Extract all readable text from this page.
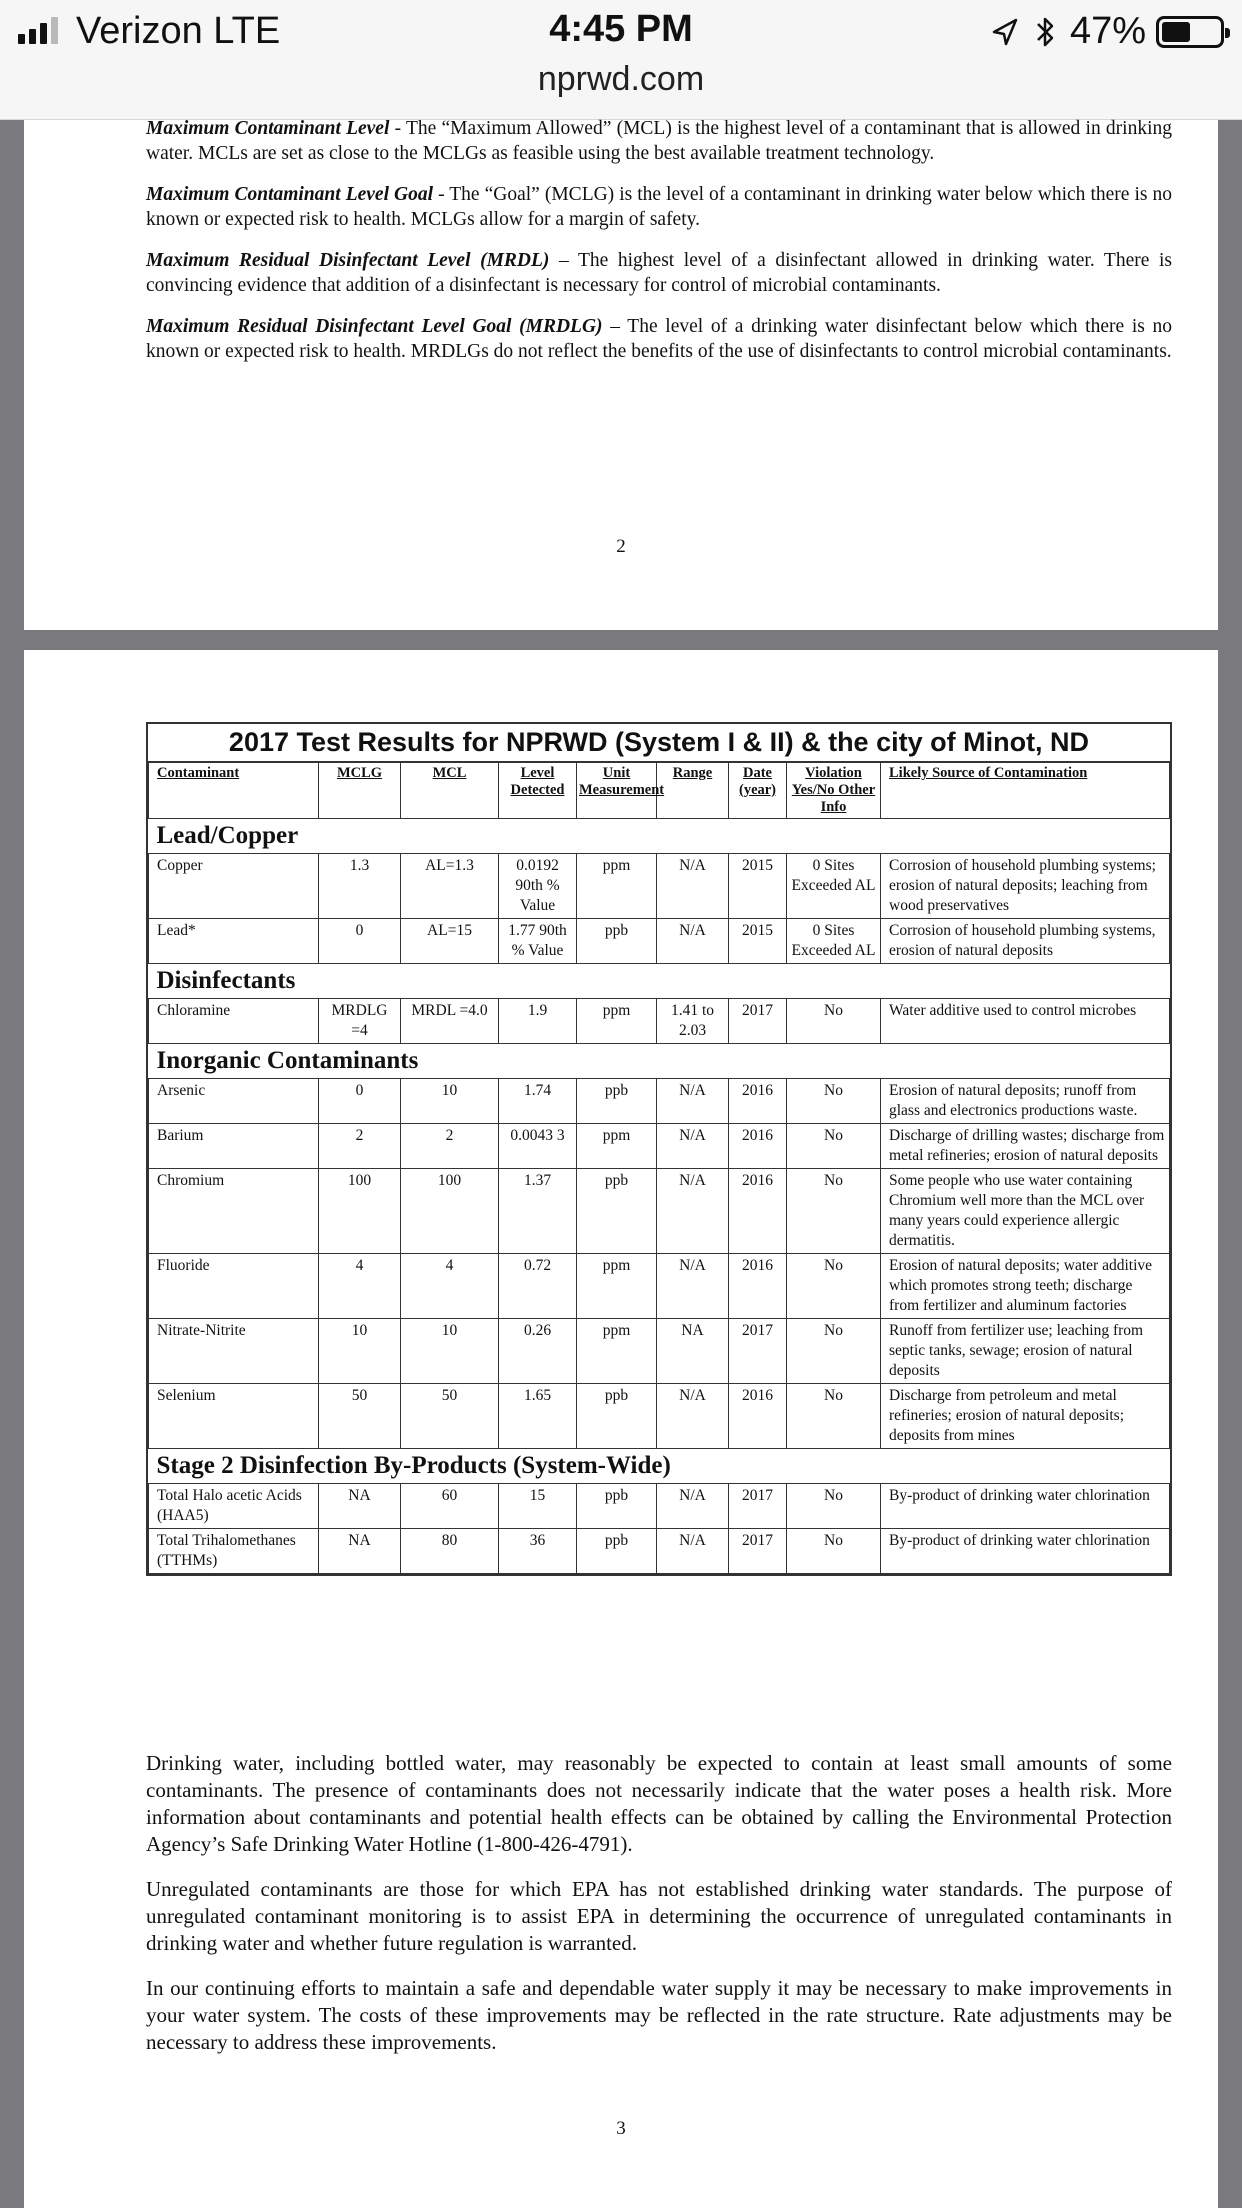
Verizon LTE	4:45 PM
nprwd.com
47%

Maximum Contaminant Level - The “Maximum Allowed” (MCL) is the highest level of a contaminant that is allowed in drinking water. MCLs are set as close to the MCLGs as feasible using the best available treatment technology.

Maximum Contaminant Level Goal - The “Goal” (MCLG) is the level of a contaminant in drinking water below which there is no known or expected risk to health. MCLGs allow for a margin of safety.

Maximum Residual Disinfectant Level (MRDL) – The highest level of a disinfectant allowed in drinking water. There is convincing evidence that addition of a disinfectant is necessary for control of microbial contaminants.

Maximum Residual Disinfectant Level Goal (MRDLG) – The level of a drinking water disinfectant below which there is no known or expected risk to health. MRDLGs do not reflect the benefits of the use of disinfectants to control microbial contaminants.

2
2017 Test Results for NPRWD (System I & II) & the city of Minot, ND
Contaminant	MCLG	MCL	Level Detected	Unit Measurement	Range	Date (year)	Violation Yes/No Other Info	Likely Source of Contamination
Lead/Copper								
Copper	1.3	AL=1.3	0.0192 90th % Value	ppm	N/A	2015	0 Sites Exceeded AL	Corrosion of household plumbing systems; erosion of natural deposits; leaching from wood preservatives
Lead*	0	AL=15	1.77 90th % Value	ppb	N/A	2015	0 Sites Exceeded AL	Corrosion of household plumbing systems, erosion of natural deposits
Disinfectants								
Chloramine	MRDLG =4	MRDL =4.0	1.9	ppm	1.41 to 2.03	2017	No	Water additive used to control microbes
Inorganic Contaminants								
Arsenic	0	10	1.74	ppb	N/A	2016	No	Erosion of natural deposits; runoff from glass and electronics productions waste.
Barium	2	2	0.0043 3	ppm	N/A	2016	No	Discharge of drilling wastes; discharge from metal refineries; erosion of natural deposits
Chromium	100	100	1.37	ppb	N/A	2016	No	Some people who use water containing Chromium well more than the MCL over many years could experience allergic dermatitis.
Fluoride	4	4	0.72	ppm	N/A	2016	No	Erosion of natural deposits; water additive which promotes strong teeth; discharge from fertilizer and aluminum factories
Nitrate-Nitrite	10	10	0.26	ppm	NA	2017	No	Runoff from fertilizer use; leaching from septic tanks, sewage; erosion of natural deposits
Selenium	50	50	1.65	ppb	N/A	2016	No	Discharge from petroleum and metal refineries; erosion of natural deposits; deposits from mines
Stage 2 Disinfection By-Products (System-Wide)								
Total Halo acetic Acids (HAA5)	NA	60	15	ppb	N/A	2017	No	By-product of drinking water chlorination
Total Trihalomethanes (TTHMs)	NA	80	36	ppb	N/A	2017	No	By-product of drinking water chlorination
Drinking water, including bottled water, may reasonably be expected to contain at least small amounts of some contaminants. The presence of contaminants does not necessarily indicate that the water poses a health risk. More information about contaminants and potential health effects can be obtained by calling the Environmental Protection Agency’s Safe Drinking Water Hotline (1-800-426-4791).
Unregulated contaminants are those for which EPA has not established drinking water standards. The purpose of unregulated contaminant monitoring is to assist EPA in determining the occurrence of unregulated contaminants in drinking water and whether future regulation is warranted.
In our continuing efforts to maintain a safe and dependable water supply it may be necessary to make improvements in your water system. The costs of these improvements may be reflected in the rate structure. Rate adjustments may be necessary to address these improvements.
3
